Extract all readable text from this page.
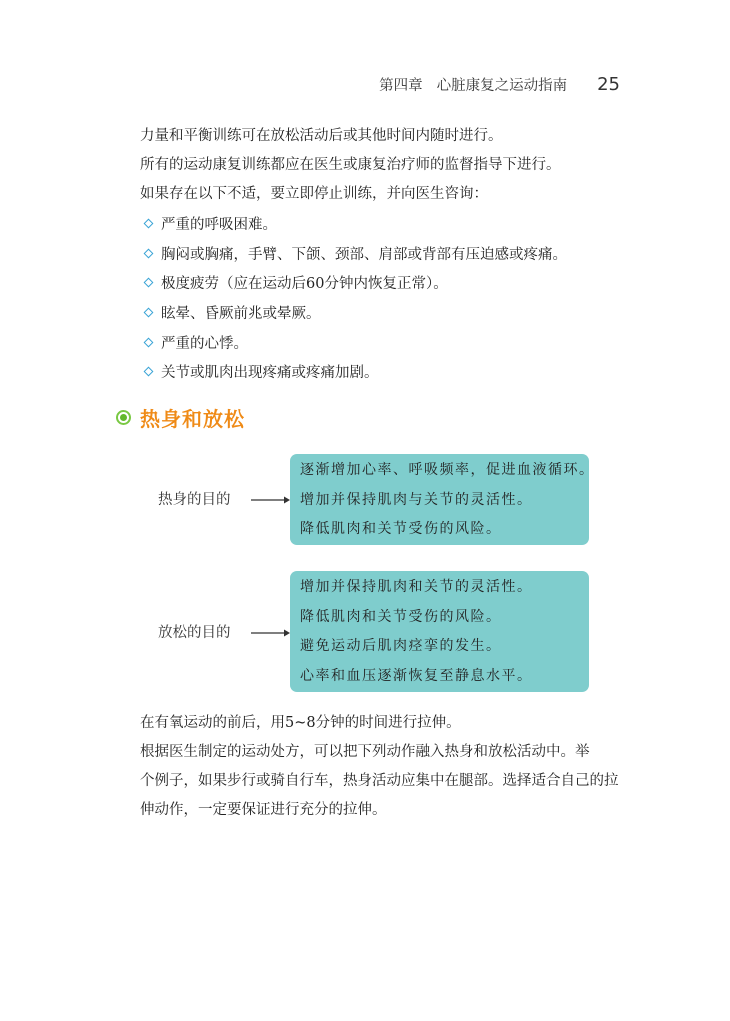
第四章 心脏康复之运动指南 25
力量和平衡训练可在放松活动后或其他时间内随时进行。
所有的运动康复训练都应在医生或康复治疗师的监督指导下进行。
如果存在以下不适，要立即停止训练，并向医生咨询：
严重的呼吸困难。
胸闷或胸痛，手臂、下颌、颈部、肩部或背部有压迫感或疼痛。
极度疲劳（应在运动后60分钟内恢复正常）。
眩晕、昏厥前兆或晕厥。
严重的心悸。
关节或肌肉出现疼痛或疼痛加剧。
热身和放松
热身的目的
逐渐增加心率、呼吸频率，促进血液循环。
增加并保持肌肉与关节的灵活性。
降低肌肉和关节受伤的风险。
放松的目的
增加并保持肌肉和关节的灵活性。
降低肌肉和关节受伤的风险。
避免运动后肌肉痉挛的发生。
心率和血压逐渐恢复至静息水平。
在有氧运动的前后，用5~8分钟的时间进行拉伸。
根据医生制定的运动处方，可以把下列动作融入热身和放松活动中。举
个例子，如果步行或骑自行车，热身活动应集中在腿部。选择适合自己的拉
伸动作，一定要保证进行充分的拉伸。
